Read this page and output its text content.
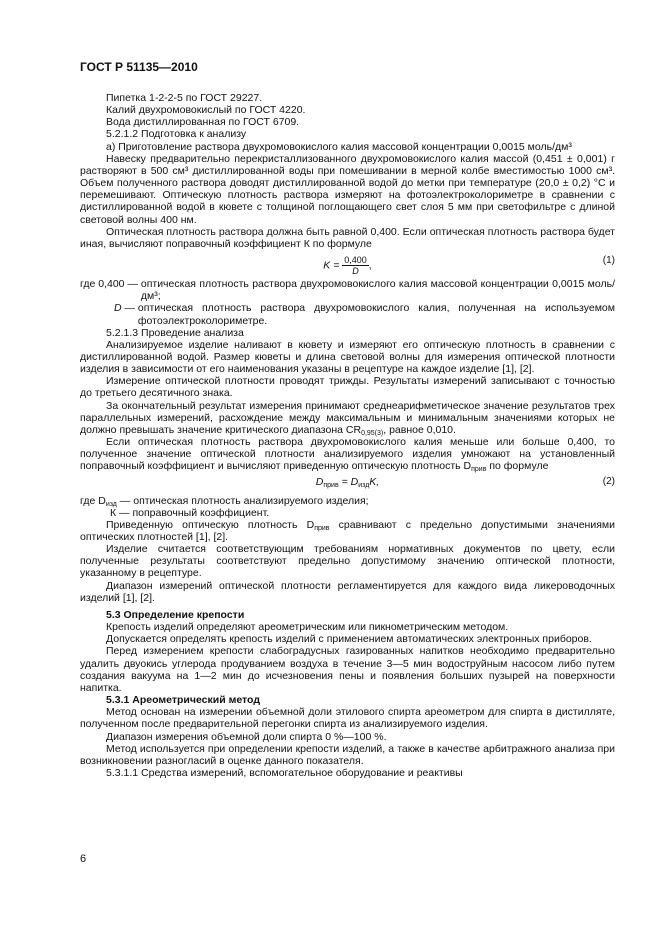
ГОСТ Р 51135—2010

Пипетка 1-2-2-5 по ГОСТ 29227.

Калий двухромовокислый по ГОСТ 4220.

Вода дистиллированная по ГОСТ 6709.

5.2.1.2 Подготовка к анализу

а) Приготовление раствора двухромовокислого калия массовой концентрации 0,0015 моль/дм³

Навеску предварительно перекристаллизованного двухромовокислого калия массой (0,451 ± 0,001) г растворяют в 500 см³ дистиллированной воды при помешивании в мерной колбе вместимостью 1000 см³. Объем полученного раствора доводят дистиллированной водой до метки при температуре (20,0 ± 0,2) °С и перемешивают. Оптическую плотность раствора измеряют на фотоэлектроколориметре в сравнении с дистиллированной водой в кювете с толщиной поглощающего свет слоя 5 мм при светофильтре с длиной световой волны 400 нм.

Оптическая плотность раствора должна быть равной 0,400. Если оптическая плотность раствора будет иная, вычисляют поправочный коэффициент К по формуле

$K = \frac{0,400}{D}$ ,	(1)
где 0,400 — оптическая плотность раствора двухромовокислого калия массовой концентрации 0,0015 моль/дм³;
D — оптическая плотность раствора двухромовокислого калия, полученная на используемом фотоэлектроколориметре.

5.2.1.3 Проведение анализа

Анализируемое изделие наливают в кювету и измеряют его оптическую плотность в сравнении с дистиллированной водой. Размер кюветы и длина световой волны для измерения оптической плотности изделия в зависимости от его наименования указаны в рецептуре на каждое изделие [1], [2].

Измерение оптической плотности проводят трижды. Результаты измерений записывают с точностью до третьего десятичного знака.

За окончательный результат измерения принимают среднеарифметическое значение результатов трех параллельных измерений, расхождение между максимальным и минимальным значениями которых не должно превышать значение критического диапазона $CR_{0,95(3)}$, равное 0,010.

Если оптическая плотность раствора двухромовокислого калия меньше или больше 0,400, то полученное значение оптической плотности анализируемого изделия умножают на установленный поправочный коэффициент и вычисляют приведенную оптическую плотность $D_{прив}$ по формуле

$D_{прив} = D_{изд}K$,	(2)

где $D_{изд}$ — оптическая плотность анализируемого изделия;

К — поправочный коэффициент.

Приведенную оптическую плотность $D_{прив}$ сравнивают с предельно допустимыми значениями оптических плотностей [1], [2].

Изделие считается соответствующим требованиям нормативных документов по цвету, если полученные результаты соответствуют предельно допустимому значению оптической плотности, указанному в рецептуре.

Диапазон измерений оптической плотности регламентируется для каждого вида ликероводочных изделий [1], [2].

5.3 Определение крепости

Крепость изделий определяют ареометрическим или пикнометрическим методом.

Допускается определять крепость изделий с применением автоматических электронных приборов.

Перед измерением крепости слабоградусных газированных напитков необходимо предварительно удалить двуокись углерода продуванием воздуха в течение 3—5 мин водоструйным насосом либо путем создания вакуума на 1—2 мин до исчезновения пены и появления больших пузырей на поверхности напитка.

5.3.1 Ареометрический метод

Метод основан на измерении объемной доли этилового спирта ареометром для спирта в дистилляте, полученном после предварительной перегонки спирта из анализируемого изделия.

Диапазон измерения объемной доли спирта 0 %—100 %.

Метод используется при определении крепости изделий, а также в качестве арбитражного анализа при возникновении разногласий в оценке данного показателя.

5.3.1.1 Средства измерений, вспомогательное оборудование и реактивы

6
